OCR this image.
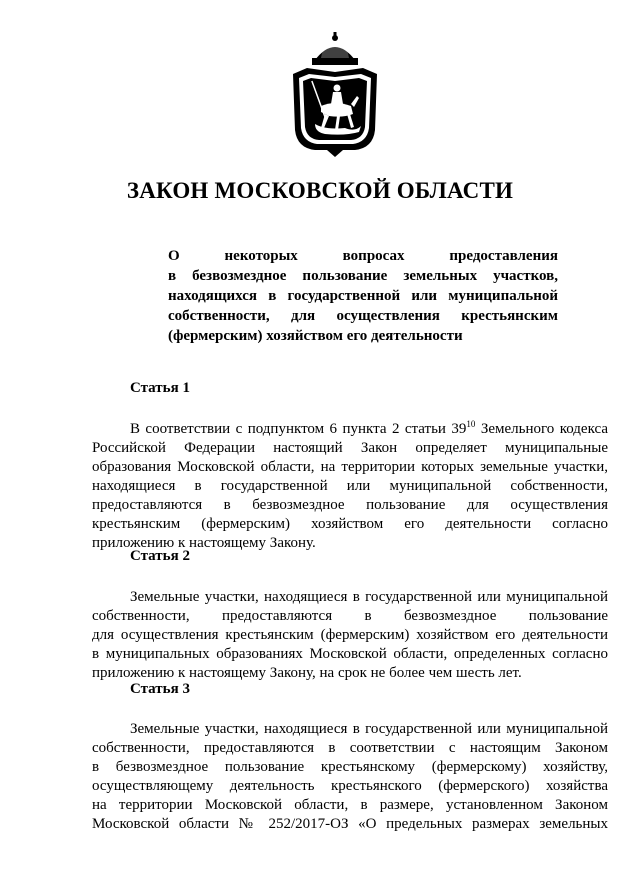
ЗАКОН МОСКОВСКОЙ ОБЛАСТИ
О некоторых вопросах предоставления
в безвозмездное пользование земельных участков,
находящихся в государственной или муниципальной
собственности, для осуществления крестьянским
(фермерским) хозяйством его деятельности
Статья 1
В соответствии с подпунктом 6 пункта 2 статьи $39^{10}$ Земельного кодекса
Российской Федерации настоящий Закон определяет муниципальные
образования Московской области, на территории которых земельные участки,
находящиеся в государственной или муниципальной собственности,
предоставляются в безвозмездное пользование для осуществления
крестьянским (фермерским) хозяйством его деятельности согласно
приложению к настоящему Закону.
Статья 2
Земельные участки, находящиеся в государственной или муниципальной
собственности, предоставляются в безвозмездное пользование
для осуществления крестьянским (фермерским) хозяйством его деятельности
в муниципальных образованиях Московской области, определенных согласно
приложению к настоящему Закону, на срок не более чем шесть лет.
Статья 3
Земельные участки, находящиеся в государственной или муниципальной
собственности, предоставляются в соответствии с настоящим Законом
в безвозмездное пользование крестьянскому (фермерскому) хозяйству,
осуществляющему деятельность крестьянского (фермерского) хозяйства
на территории Московской области, в размере, установленном Законом
Московской области № 252/2017-ОЗ «О предельных размерах земельных
